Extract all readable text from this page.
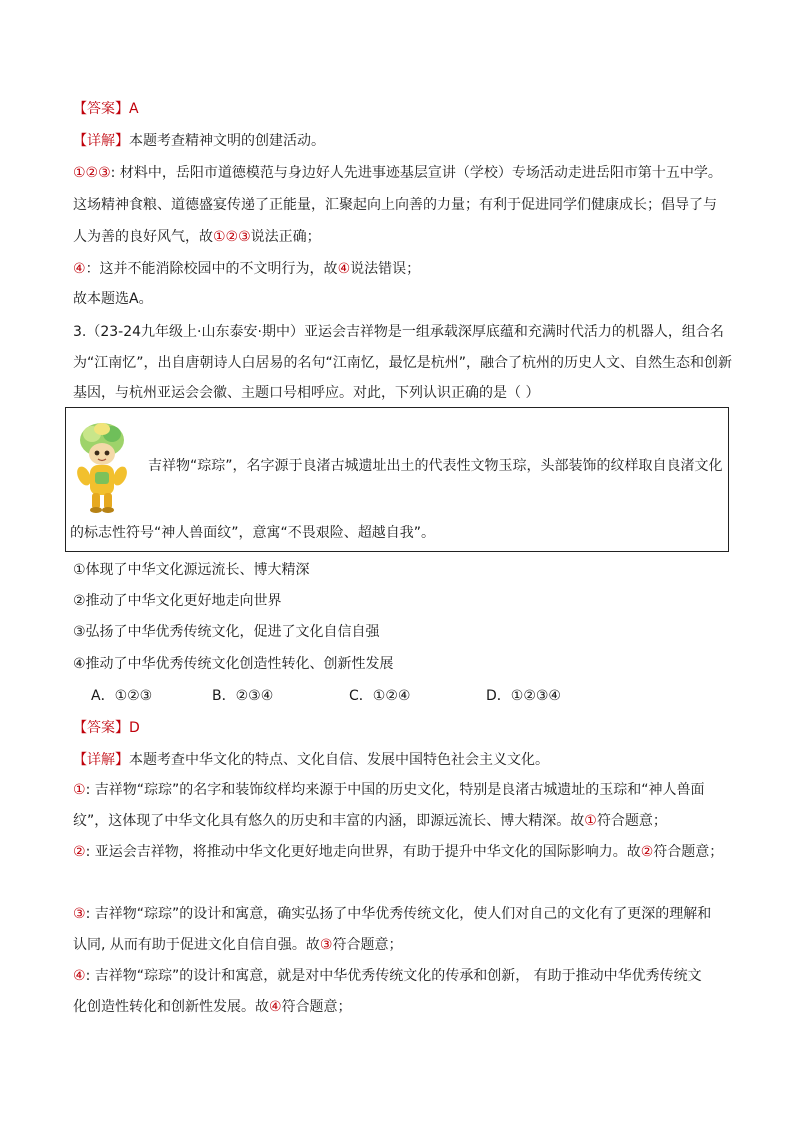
【答案】A
【详解】本题考查精神文明的创建活动。
①②③: 材料中，岳阳市道德模范与身边好人先进事迹基层宣讲（学校）专场活动走进岳阳市第十五中学。
这场精神食粮、道德盛宴传递了正能量，汇聚起向上向善的力量；有利于促进同学们健康成长；倡导了与
人为善的良好风气，故①②③说法正确；
④：这并不能消除校园中的不文明行为，故④说法错误；
故本题选A。
3.（23-24九年级上·山东泰安·期中）亚运会吉祥物是一组承载深厚底蕴和充满时代活力的机器人，组合名
为“江南忆”，出自唐朝诗人白居易的名句“江南忆，最忆是杭州”，融合了杭州的历史人文、自然生态和创新
基因，与杭州亚运会会徽、主题口号相呼应。对此，下列认识正确的是（ ）
吉祥物“琮琮”，名字源于良渚古城遗址出土的代表性文物玉琮，头部装饰的纹样取自良渚文化
的标志性符号“神人兽面纹”，意寓“不畏艰险、超越自我”。
①体现了中华文化源远流长、博大精深
②推动了中华文化更好地走向世界
③弘扬了中华优秀传统文化，促进了文化自信自强
④推动了中华优秀传统文化创造性转化、创新性发展
A．①②③	B．②③④	C．①②④	D．①②③④
【答案】D
【详解】本题考查中华文化的特点、文化自信、发展中国特色社会主义文化。
①: 吉祥物“琮琮”的名字和装饰纹样均来源于中国的历史文化，特别是良渚古城遗址的玉琮和“神人兽面
纹”，这体现了中华文化具有悠久的历史和丰富的内涵，即源远流长、博大精深。故①符合题意；
②: 亚运会吉祥物，将推动中华文化更好地走向世界，有助于提升中华文化的国际影响力。故②符合题意；
③: 吉祥物“琮琮”的设计和寓意，确实弘扬了中华优秀传统文化，使人们对自己的文化有了更深的理解和
认同, 从而有助于促进文化自信自强。故③符合题意；
④: 吉祥物“琮琮”的设计和寓意，就是对中华优秀传统文化的传承和创新， 有助于推动中华优秀传统文
化创造性转化和创新性发展。故④符合题意；
